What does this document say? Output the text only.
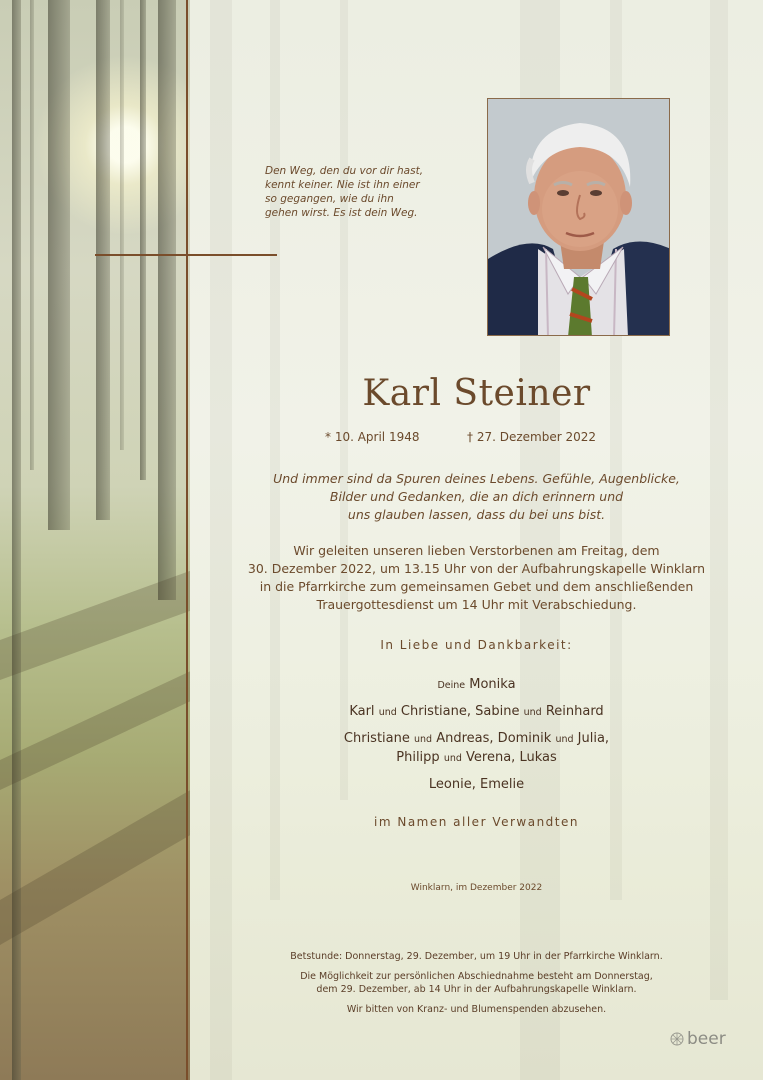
Den Weg, den du vor dir hast,
kennt keiner. Nie ist ihn einer
so gegangen, wie du ihn
gehen wirst. Es ist dein Weg.

Karl Steiner
* 10. April 1948	† 27. Dezember 2022
Und immer sind da Spuren deines Lebens. Gefühle, Augenblicke,
Bilder und Gedanken, die an dich erinnern und
uns glauben lassen, dass du bei uns bist.
Wir geleiten unseren lieben Verstorbenen am Freitag, dem
30. Dezember 2022, um 13.15 Uhr von der Aufbahrungskapelle Winklarn
in die Pfarrkirche zum gemeinsamen Gebet und dem anschließenden
Trauergottesdienst um 14 Uhr mit Verabschiedung.
In Liebe und Dankbarkeit:
Deine Monika
Karl und Christiane, Sabine und Reinhard
Christiane und Andreas, Dominik und Julia,
Philipp und Verena, Lukas
Leonie, Emelie
im Namen aller Verwandten
Winklarn, im Dezember 2022
Betstunde: Donnerstag, 29. Dezember, um 19 Uhr in der Pfarrkirche Winklarn.
Die Möglichkeit zur persönlichen Abschiednahme besteht am Donnerstag,
dem 29. Dezember, ab 14 Uhr in der Aufbahrungskapelle Winklarn.
Wir bitten von Kranz- und Blumenspenden abzusehen.
beer
